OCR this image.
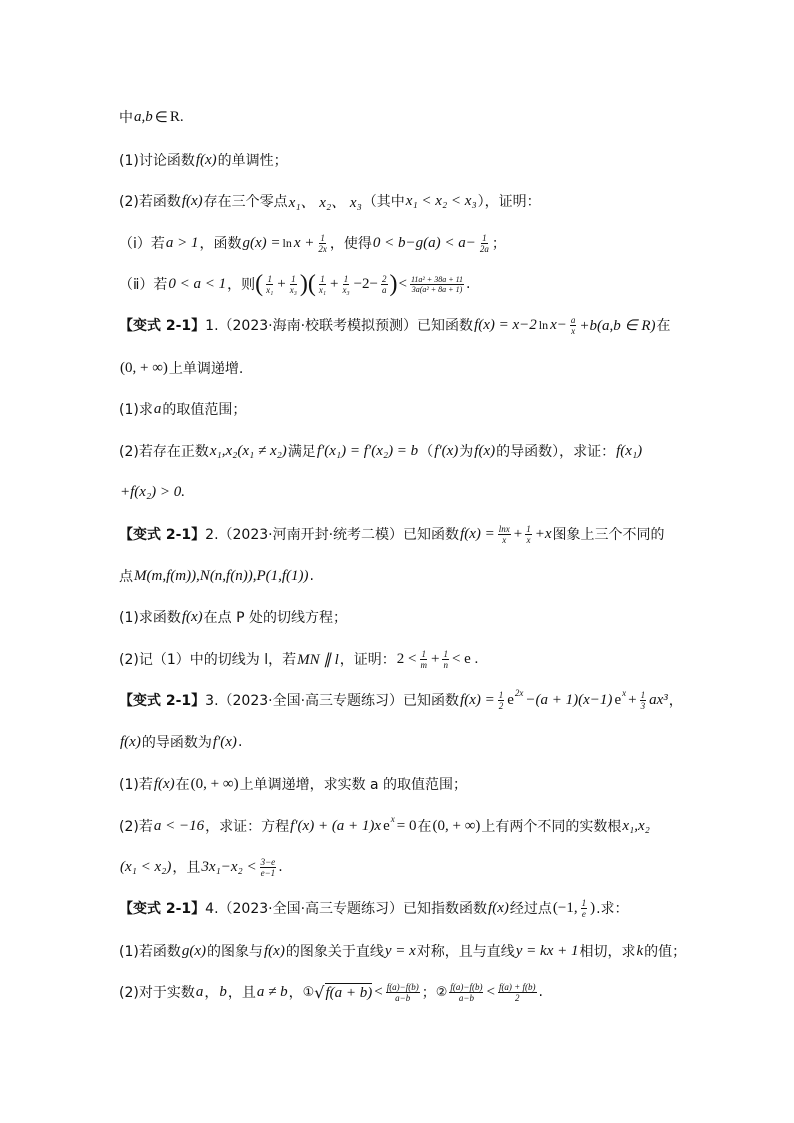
中 a,b ∈ R.
(1)讨论函数 f(x) 的单调性；
(2)若函数 f(x) 存在三个零点 x₁、 x₂、 x₃ （其中 x₁ < x₂ < x₃ ），证明：
（ⅰ）若 a > 1 ，函数 $g(x) = \ln x + \frac{1}{2x}$ ，使得 $0 < b-g(a) < a- \frac{1}{2a}$ ；
（ⅱ）若 0 < a < 1 ，则 ( $\frac{1}{\text{x₁}} + \frac{1}{\text{x₃}}$ ) ( $\frac{1}{\text{x₁}} + \frac{1}{\text{x₃}} -2- \frac{2}{a}$ ) < $\frac{\text{11a² + 38a + 11}}{\text{3a(a² + 8a + 1)}}$ .
【变式 2-1】 1.（2023·海南·校联考模拟预测）已知函数 f(x) = x−2 $\ln x- \frac{a}{x} +b(a,b$ ∈ R) 在
(0, + ∞) 上单调递增.
(1)求 a 的取值范围；
(2)若存在正数 x₁,x₂(x₁ ≠ x₂) 满足 f′(x₁) = f′(x₂) = b （ f′(x) 为 f(x) 的导函数），求证： f(x₁)
+f(x₂) > 0.
【变式 2-1】 2.（2023·河南开封·统考二模）已知函数 $f(x) = \frac{\ln x}{x} + \frac{1}{x} +x$ 图象上三个不同的
点 M(m,f(m)),N(n,f(n)),P(1,f(1)) .
(1)求函数 f(x) 在点 P 处的切线方程；
(2)记（1）中的切线为 l，若 MN ∥ l ，证明： $2 < \frac{1}{m} + \frac{1}{n} < e$ .
【变式 2-1】 3.（2023·全国·高三专题练习）已知函数 $f(x) = \frac{1}{2}$ e 2x −(a + 1)(x−1) e $x + \frac{1}{3} ax^3$ ，
f(x) 的导函数为 f′(x) .
(1)若 f(x) 在 (0, + ∞) 上单调递增，求实数 a 的取值范围；
(2)若 a < −16 ，求证：方程 f′(x) + (a + 1)x e x = 0 在 (0, + ∞) 上有两个不同的实数根 x₁,x₂
(x₁ < x₂) ，且 $3x_1-x_2 < \frac{3-e}{e-1}$ .
【变式 2-1】 4.（2023·全国·高三专题练习）已知指数函数 f(x) 经过点 (−1, $\frac{1}{e}$ ) .求：
(1)若函数 g(x) 的图象与 f(x) 的图象关于直线 y = x 对称，且与直线 y = kx + 1 相切，求 k 的值；
(2)对于实数 a ， b ，且 a ≠ b ， ① √ $f(a + b) < \frac{f(a)-f(b)}{a-b}$ ； ② $\frac{f(a)-f(b)}{a-b} < \frac{f(a) + f(b)}{2}$ .
